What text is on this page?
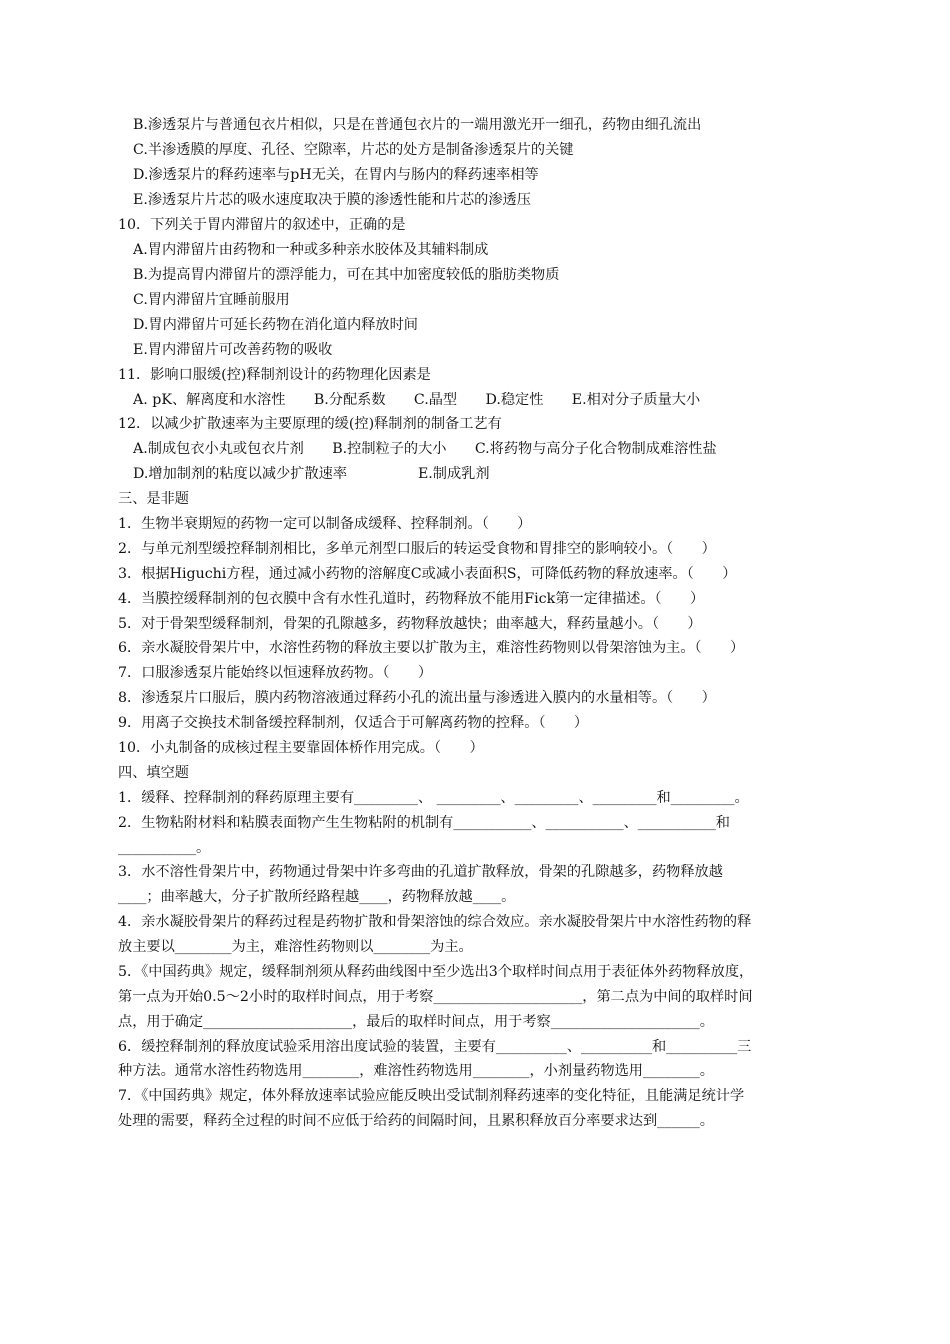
B.渗透泵片与普通包衣片相似，只是在普通包衣片的一端用激光开一细孔，药物由细孔流出
C.半渗透膜的厚度、孔径、空隙率，片芯的处方是制备渗透泵片的关键
D.渗透泵片的释药速率与pH无关，在胃内与肠内的释药速率相等
E.渗透泵片片芯的吸水速度取决于膜的渗透性能和片芯的渗透压
10．下列关于胃内滞留片的叙述中，正确的是
A.胃内滞留片由药物和一种或多种亲水胶体及其辅料制成
B.为提高胃内滞留片的漂浮能力，可在其中加密度较低的脂肪类物质
C.胃内滞留片宜睡前服用
D.胃内滞留片可延长药物在消化道内释放时间
E.胃内滞留片可改善药物的吸收
11．影响口服缓(控)释制剂设计的药物理化因素是
A. pK、解离度和水溶性　　B.分配系数　　C.晶型　　D.稳定性　　E.相对分子质量大小
12．以减少扩散速率为主要原理的缓(控)释制剂的制备工艺有
A.制成包衣小丸或包衣片剂　　B.控制粒子的大小　　C.将药物与高分子化合物制成难溶性盐
D.增加制剂的粘度以减少扩散速率　　　　　E.制成乳剂
三、是非题
1．生物半衰期短的药物一定可以制备成缓释、控释制剂。（　　）
2．与单元剂型缓控释制剂相比，多单元剂型口服后的转运受食物和胃排空的影响较小。（　　）
3．根据Higuchi方程，通过减小药物的溶解度C或减小表面积S，可降低药物的释放速率。（　　）
4．当膜控缓释制剂的包衣膜中含有水性孔道时，药物释放不能用Fick第一定律描述。（　　）
5．对于骨架型缓释制剂，骨架的孔隙越多，药物释放越快；曲率越大，释药量越小。（　　）
6．亲水凝胶骨架片中，水溶性药物的释放主要以扩散为主，难溶性药物则以骨架溶蚀为主。（　　）
7．口服渗透泵片能始终以恒速释放药物。（　　）
8．渗透泵片口服后，膜内药物溶液通过释药小孔的流出量与渗透进入膜内的水量相等。（　　）
9．用离子交换技术制备缓控释制剂，仅适合于可解离药物的控释。（　　）
10．小丸制备的成核过程主要靠固体桥作用完成。（　　）
四、填空题
1．缓释、控释制剂的释药原理主要有_________、 _________、_________、_________和_________。
2．生物粘附材料和粘膜表面物产生生物粘附的机制有___________、___________、___________和
___________。
3．水不溶性骨架片中，药物通过骨架中许多弯曲的孔道扩散释放，骨架的孔隙越多，药物释放越
____；曲率越大，分子扩散所经路程越____，药物释放越____。
4．亲水凝胶骨架片的释药过程是药物扩散和骨架溶蚀的综合效应。亲水凝胶骨架片中水溶性药物的释
放主要以________为主，难溶性药物则以________为主。
5．《中国药典》规定，缓释制剂须从释药曲线图中至少选出3个取样时间点用于表征体外药物释放度，
第一点为开始0.5～2小时的取样时间点，用于考察_____________________，第二点为中间的取样时间
点，用于确定_____________________，最后的取样时间点，用于考察_____________________。
6．缓控释制剂的释放度试验采用溶出度试验的装置，主要有__________、__________和__________三
种方法。通常水溶性药物选用________，难溶性药物选用________，小剂量药物选用________。
7．《中国药典》规定，体外释放速率试验应能反映出受试制剂释药速率的变化特征，且能满足统计学
处理的需要，释药全过程的时间不应低于给药的间隔时间，且累积释放百分率要求达到______。
